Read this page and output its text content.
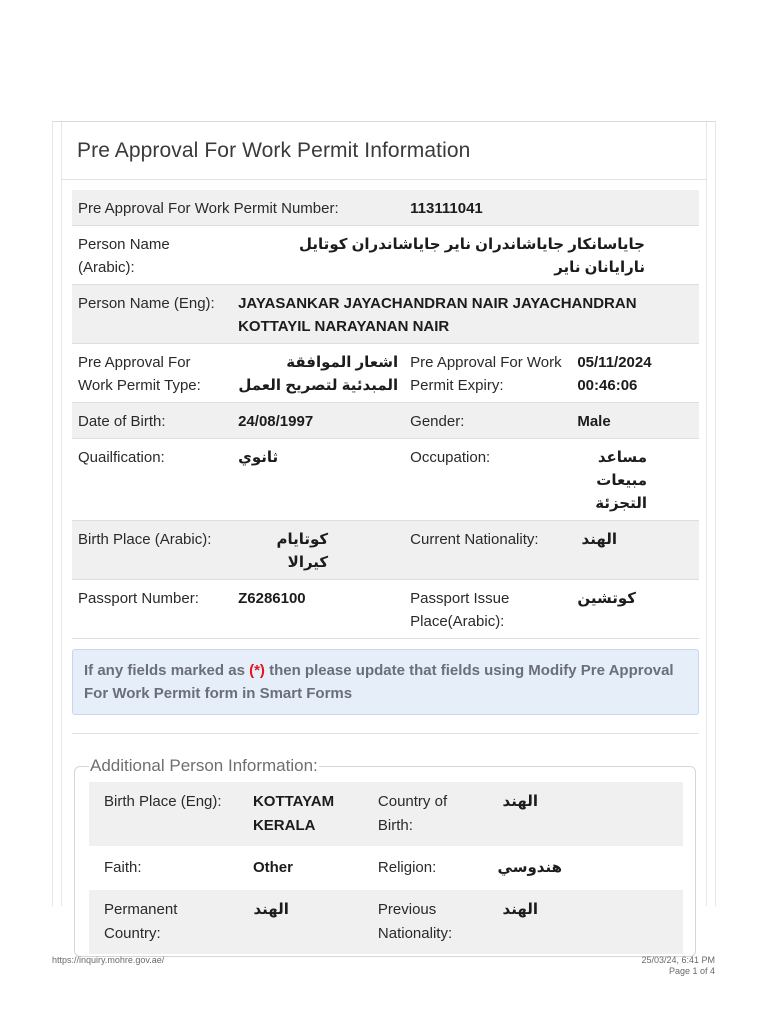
Pre Approval For Work Permit Information
Pre Approval For Work Permit Number:		113111041	
Person Name (Arabic):	جاياسانكار جاياشاندران ناير جاياشاندران كوتايل نارايانان ناير		
Person Name (Eng):	JAYASANKAR JAYACHANDRAN NAIR JAYACHANDRAN KOTTAYIL NARAYANAN NAIR		
Pre Approval For Work Permit Type:	اشعار الموافقة المبدئية لتصريح العمل	Pre Approval For Work Permit Expiry:	05/11/2024 00:46:06
Date of Birth:	24/08/1997	Gender:	Male
Quailfication:	ثانوي	Occupation:	مساعد مبيعات التجزئة
Birth Place (Arabic):	كوتايام كيرالا	Current Nationality:	الهند
Passport Number:	Z6286100	Passport Issue Place(Arabic):	كوتشين
If any fields marked as (*) then please update that fields using Modify Pre Approval For Work Permit form in Smart Forms
Additional Person Information:
Birth Place (Eng):	KOTTAYAM KERALA	Country of Birth:	الهند
Faith:	Other	Religion:	هندوسي
Permanent Country:	الهند	Previous Nationality:	الهند
https://inquiry.mohre.gov.ae/	25/03/24, 6:41 PM
Page 1 of 4
